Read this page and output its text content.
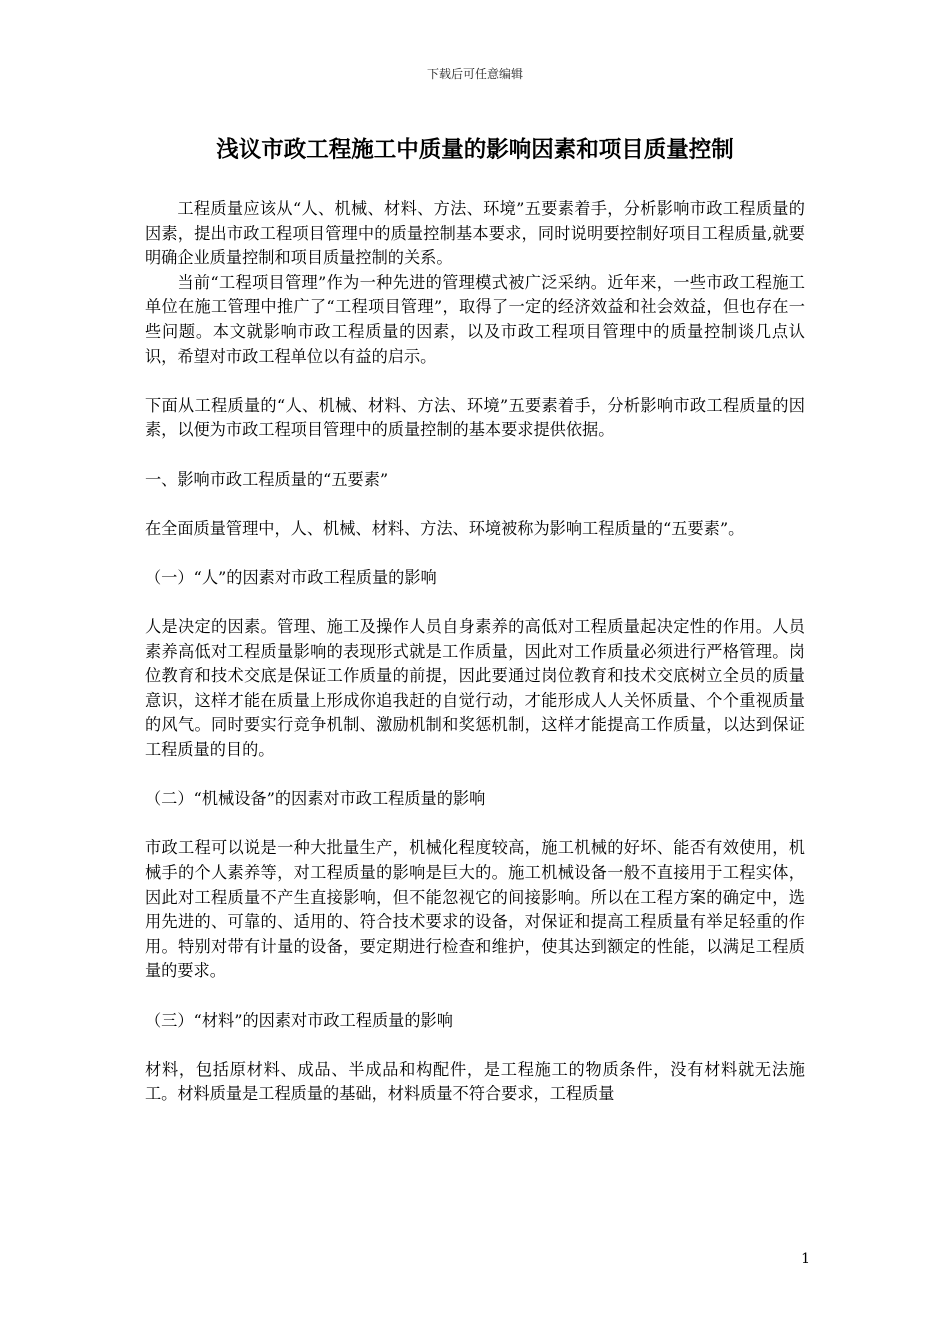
下载后可任意编辑
浅议市政工程施工中质量的影响因素和项目质量控制

工程质量应该从“人、机械、材料、方法、环境”五要素着手，分析影响市政工程质量的因素，提出市政工程项目管理中的质量控制基本要求，同时说明要控制好项目工程质量,就要明确企业质量控制和项目质量控制的关系。

当前“工程项目管理”作为一种先进的管理模式被广泛采纳。近年来，一些市政工程施工单位在施工管理中推广了“工程项目管理”，取得了一定的经济效益和社会效益，但也存在一些问题。本文就影响市政工程质量的因素，以及市政工程项目管理中的质量控制谈几点认识，希望对市政工程单位以有益的启示。

下面从工程质量的“人、机械、材料、方法、环境”五要素着手，分析影响市政工程质量的因素，以便为市政工程项目管理中的质量控制的基本要求提供依据。

一、影响市政工程质量的“五要素”

在全面质量管理中，人、机械、材料、方法、环境被称为影响工程质量的“五要素”。

（一）“人”的因素对市政工程质量的影响

人是决定的因素。管理、施工及操作人员自身素养的高低对工程质量起决定性的作用。人员素养高低对工程质量影响的表现形式就是工作质量，因此对工作质量必须进行严格管理。岗位教育和技术交底是保证工作质量的前提，因此要通过岗位教育和技术交底树立全员的质量意识，这样才能在质量上形成你追我赶的自觉行动，才能形成人人关怀质量、个个重视质量的风气。同时要实行竞争机制、激励机制和奖惩机制，这样才能提高工作质量，以达到保证工程质量的目的。

（二）“机械设备”的因素对市政工程质量的影响

市政工程可以说是一种大批量生产，机械化程度较高，施工机械的好坏、能否有效使用，机械手的个人素养等，对工程质量的影响是巨大的。施工机械设备一般不直接用于工程实体，因此对工程质量不产生直接影响，但不能忽视它的间接影响。所以在工程方案的确定中，选用先进的、可靠的、适用的、符合技术要求的设备，对保证和提高工程质量有举足轻重的作用。特别对带有计量的设备，要定期进行检查和维护，使其达到额定的性能，以满足工程质量的要求。

（三）“材料”的因素对市政工程质量的影响

材料，包括原材料、成品、半成品和构配件，是工程施工的物质条件，没有材料就无法施工。材料质量是工程质量的基础，材料质量不符合要求，工程质量

1
